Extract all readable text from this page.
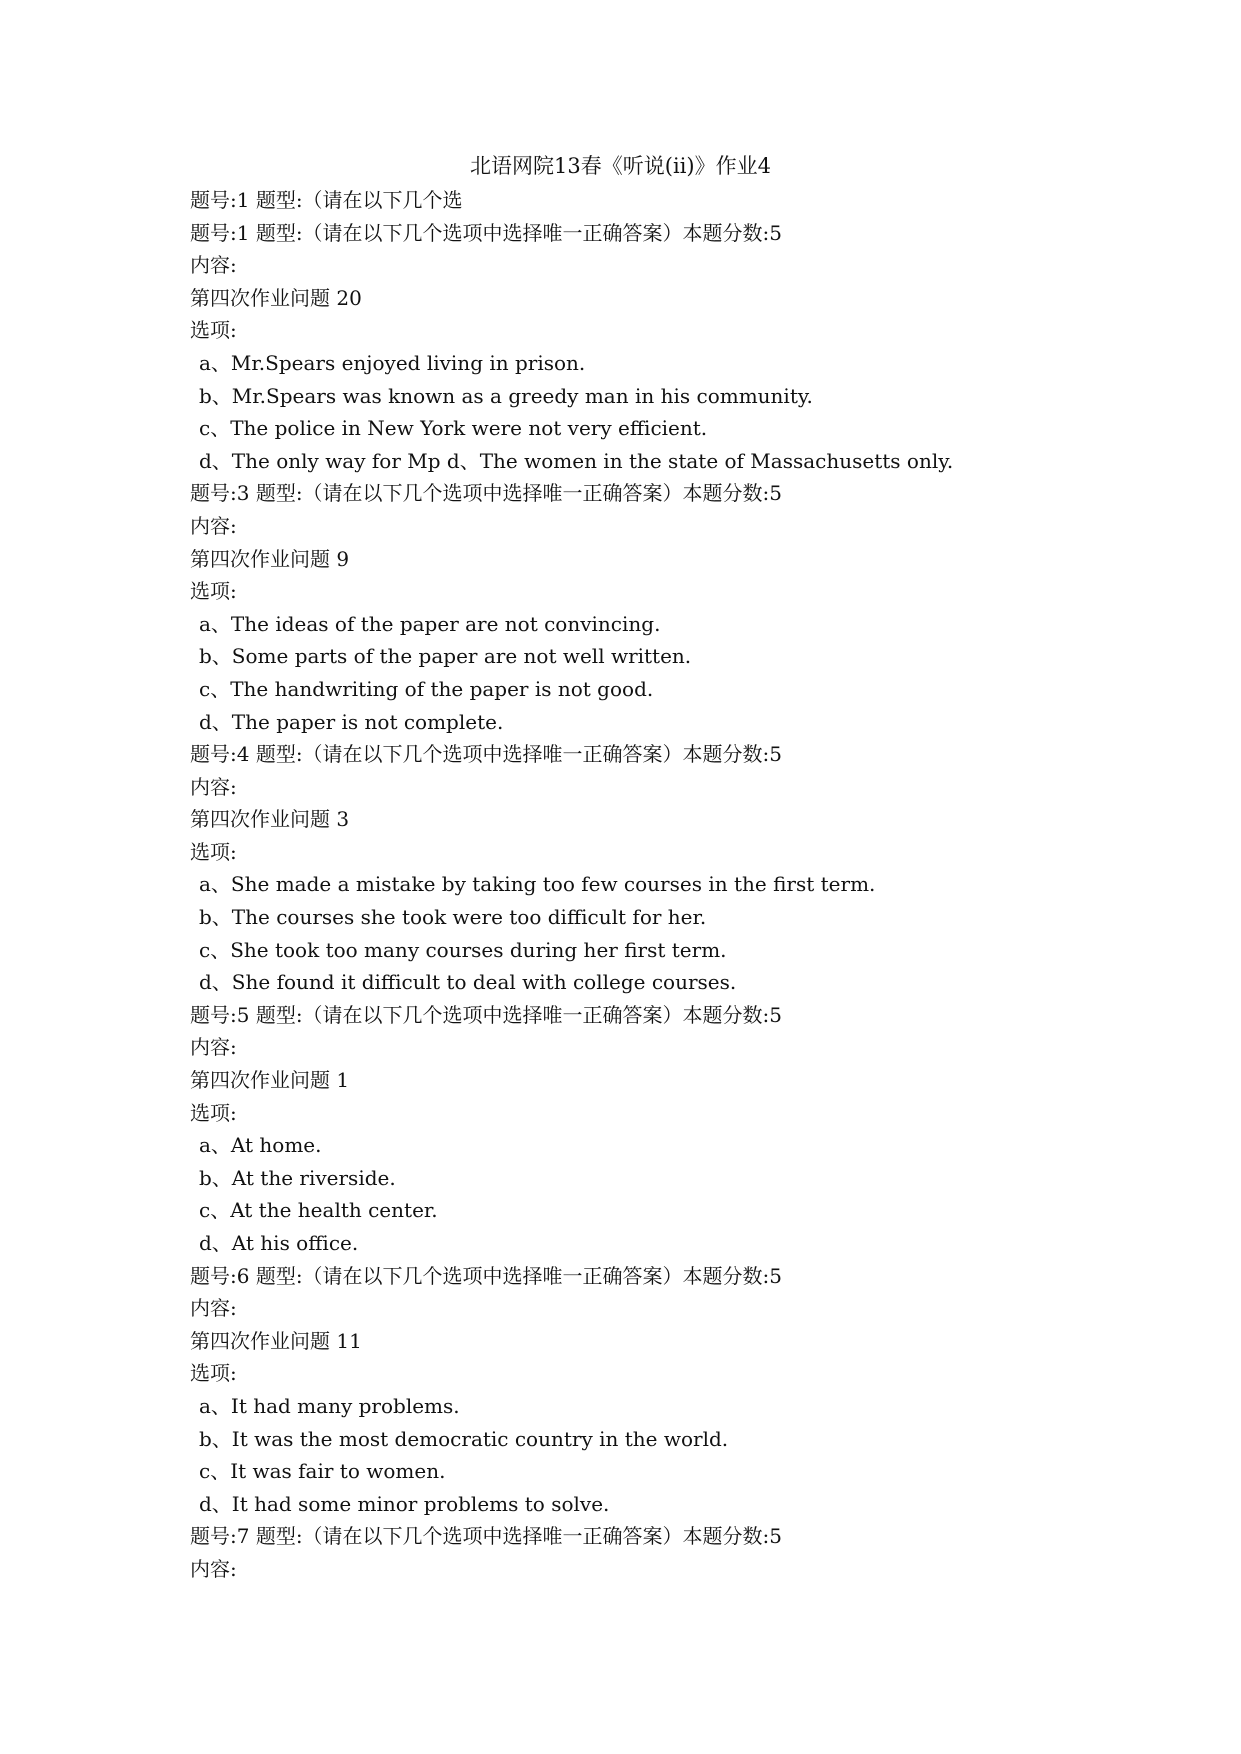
北语网院13春《听说(ⅱ)》作业4
题号:1 题型:（请在以下几个选
题号:1 题型:（请在以下几个选项中选择唯一正确答案）本题分数:5
内容:
第四次作业问题 20
选项:
a、Mr.Spears enjoyed living in prison.
b、Mr.Spears was known as a greedy man in his community.
c、The police in New York were not very efficient.
d、The only way for Mp d、The women in the state of Massachusetts only.
题号:3 题型:（请在以下几个选项中选择唯一正确答案）本题分数:5
内容:
第四次作业问题 9
选项:
a、The ideas of the paper are not convincing.
b、Some parts of the paper are not well written.
c、The handwriting of the paper is not good.
d、The paper is not complete.
题号:4 题型:（请在以下几个选项中选择唯一正确答案）本题分数:5
内容:
第四次作业问题 3
选项:
a、She made a mistake by taking too few courses in the first term.
b、The courses she took were too difficult for her.
c、She took too many courses during her first term.
d、She found it difficult to deal with college courses.
题号:5 题型:（请在以下几个选项中选择唯一正确答案）本题分数:5
内容:
第四次作业问题 1
选项:
a、At home.
b、At the riverside.
c、At the health center.
d、At his office.
题号:6 题型:（请在以下几个选项中选择唯一正确答案）本题分数:5
内容:
第四次作业问题 11
选项:
a、It had many problems.
b、It was the most democratic country in the world.
c、It was fair to women.
d、It had some minor problems to solve.
题号:7 题型:（请在以下几个选项中选择唯一正确答案）本题分数:5
内容:
